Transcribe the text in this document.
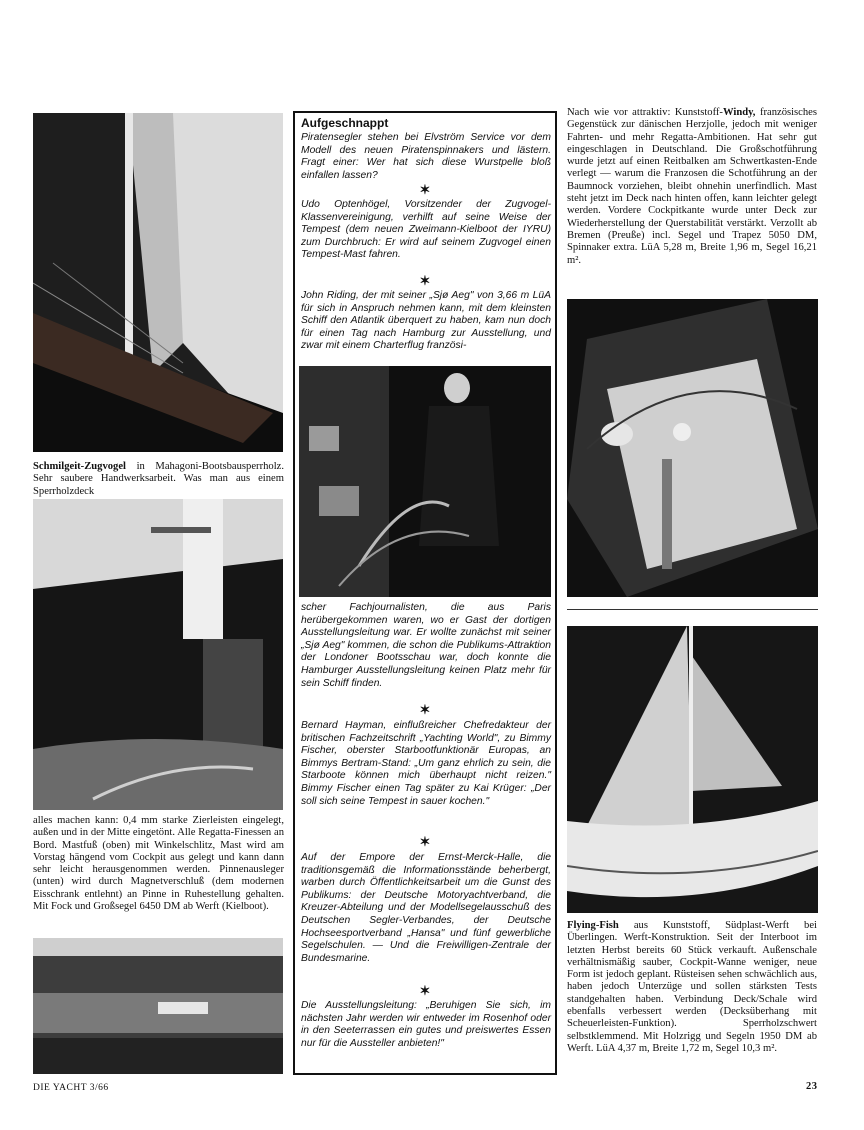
Schmilgeit-Zugvogel in Mahagoni-Bootsbausperrholz. Sehr saubere Handwerksarbeit. Was man aus einem Sperrholzdeck

alles machen kann: 0,4 mm starke Zierleisten eingelegt, außen und in der Mitte eingetönt. Alle Regatta-Finessen an Bord. Mastfuß (oben) mit Winkelschlitz, Mast wird am Vorstag hängend vom Cockpit aus gelegt und kann dann sehr leicht herausgenommen werden. Pinnenausleger (unten) wird durch Magnetverschluß (dem modernen Eisschrank entlehnt) an Pinne in Ruhestellung gehalten. Mit Fock und Großsegel 6450 DM ab Werft (Kielboot).

Aufgeschnappt

Piratensegler stehen bei Elvström Service vor dem Modell des neuen Piratenspinnakers und lästern. Fragt einer: Wer hat sich diese Wurstpelle bloß einfallen lassen?

✶

Udo Optenhögel, Vorsitzender der Zugvogel-Klassenvereinigung, verhilft auf seine Weise der Tempest (dem neuen Zweimann-Kielboot der IYRU) zum Durchbruch: Er wird auf seinem Zugvogel einen Tempest-Mast fahren.

✶

John Riding, der mit seiner „Sjø Aeg" von 3,66 m LüA für sich in Anspruch nehmen kann, mit dem kleinsten Schiff den Atlantik überquert zu haben, kam nun doch für einen Tag nach Hamburg zur Ausstellung, und zwar mit einem Charterflug französi-

scher Fachjournalisten, die aus Paris herübergekommen waren, wo er Gast der dortigen Ausstellungsleitung war. Er wollte zunächst mit seiner „Sjø Aeg" kommen, die schon die Publikums-Attraktion der Londoner Bootsschau war, doch konnte die Hamburger Ausstellungsleitung keinen Platz mehr für sein Schiff finden.

✶

Bernard Hayman, einflußreicher Chefredakteur der britischen Fachzeitschrift „Yachting World", zu Bimmy Fischer, oberster Starbootfunktionär Europas, an Bimmys Bertram-Stand: „Um ganz ehrlich zu sein, die Starboote können mich überhaupt nicht reizen." Bimmy Fischer einen Tag später zu Kai Krüger: „Der soll sich seine Tempest in sauer kochen."

✶

Auf der Empore der Ernst-Merck-Halle, die traditionsgemäß die Informationsstände beherbergt, warben durch Öffentlichkeitsarbeit um die Gunst des Publikums: der Deutsche Motoryachtverband, die Kreuzer-Abteilung und der Modellsegelausschuß des Deutschen Segler-Verbandes, der Deutsche Hochseesportverband „Hansa" und fünf gewerbliche Segelschulen. — Und die Freiwilligen-Zentrale der Bundesmarine.

✶

Die Ausstellungsleitung: „Beruhigen Sie sich, im nächsten Jahr werden wir entweder im Rosenhof oder in den Seeterrassen ein gutes und preiswertes Essen nur für die Aussteller anbieten!"

Nach wie vor attraktiv: Kunststoff-Windy, französisches Gegenstück zur dänischen Herzjolle, jedoch mit weniger Fahrten- und mehr Regatta-Ambitionen. Hat sehr gut eingeschlagen in Deutschland. Die Großschotführung wurde jetzt auf einen Reitbalken am Schwertkasten-Ende verlegt — warum die Franzosen die Schotführung an der Baumnock vorziehen, bleibt ohnehin unerfindlich. Mast steht jetzt im Deck nach hinten offen, kann leichter gelegt werden. Vordere Cockpitkante wurde unter Deck zur Wiederherstellung der Querstabilität verstärkt. Verzollt ab Bremen (Preuße) incl. Segel und Trapez 5050 DM, Spinnaker extra. LüA 5,28 m, Breite 1,96 m, Segel 16,21 m².

Flying-Fish aus Kunststoff, Südplast-Werft bei Überlingen. Werft-Konstruktion. Seit der Interboot im letzten Herbst bereits 60 Stück verkauft. Außenschale verhältnismäßig sauber, Cockpit-Wanne weniger, neue Form ist jedoch geplant. Rüsteisen sehen schwächlich aus, haben jedoch Unterzüge und sollen stärksten Tests standgehalten haben. Verbindung Deck/Schale wird ebenfalls verbessert werden (Decksüberhang mit Scheuerleisten-Funktion). Sperrholzschwert selbstklemmend. Mit Holzrigg und Segeln 1950 DM ab Werft. LüA 4,37 m, Breite 1,72 m, Segel 10,3 m².

DIE YACHT 3/66	23
